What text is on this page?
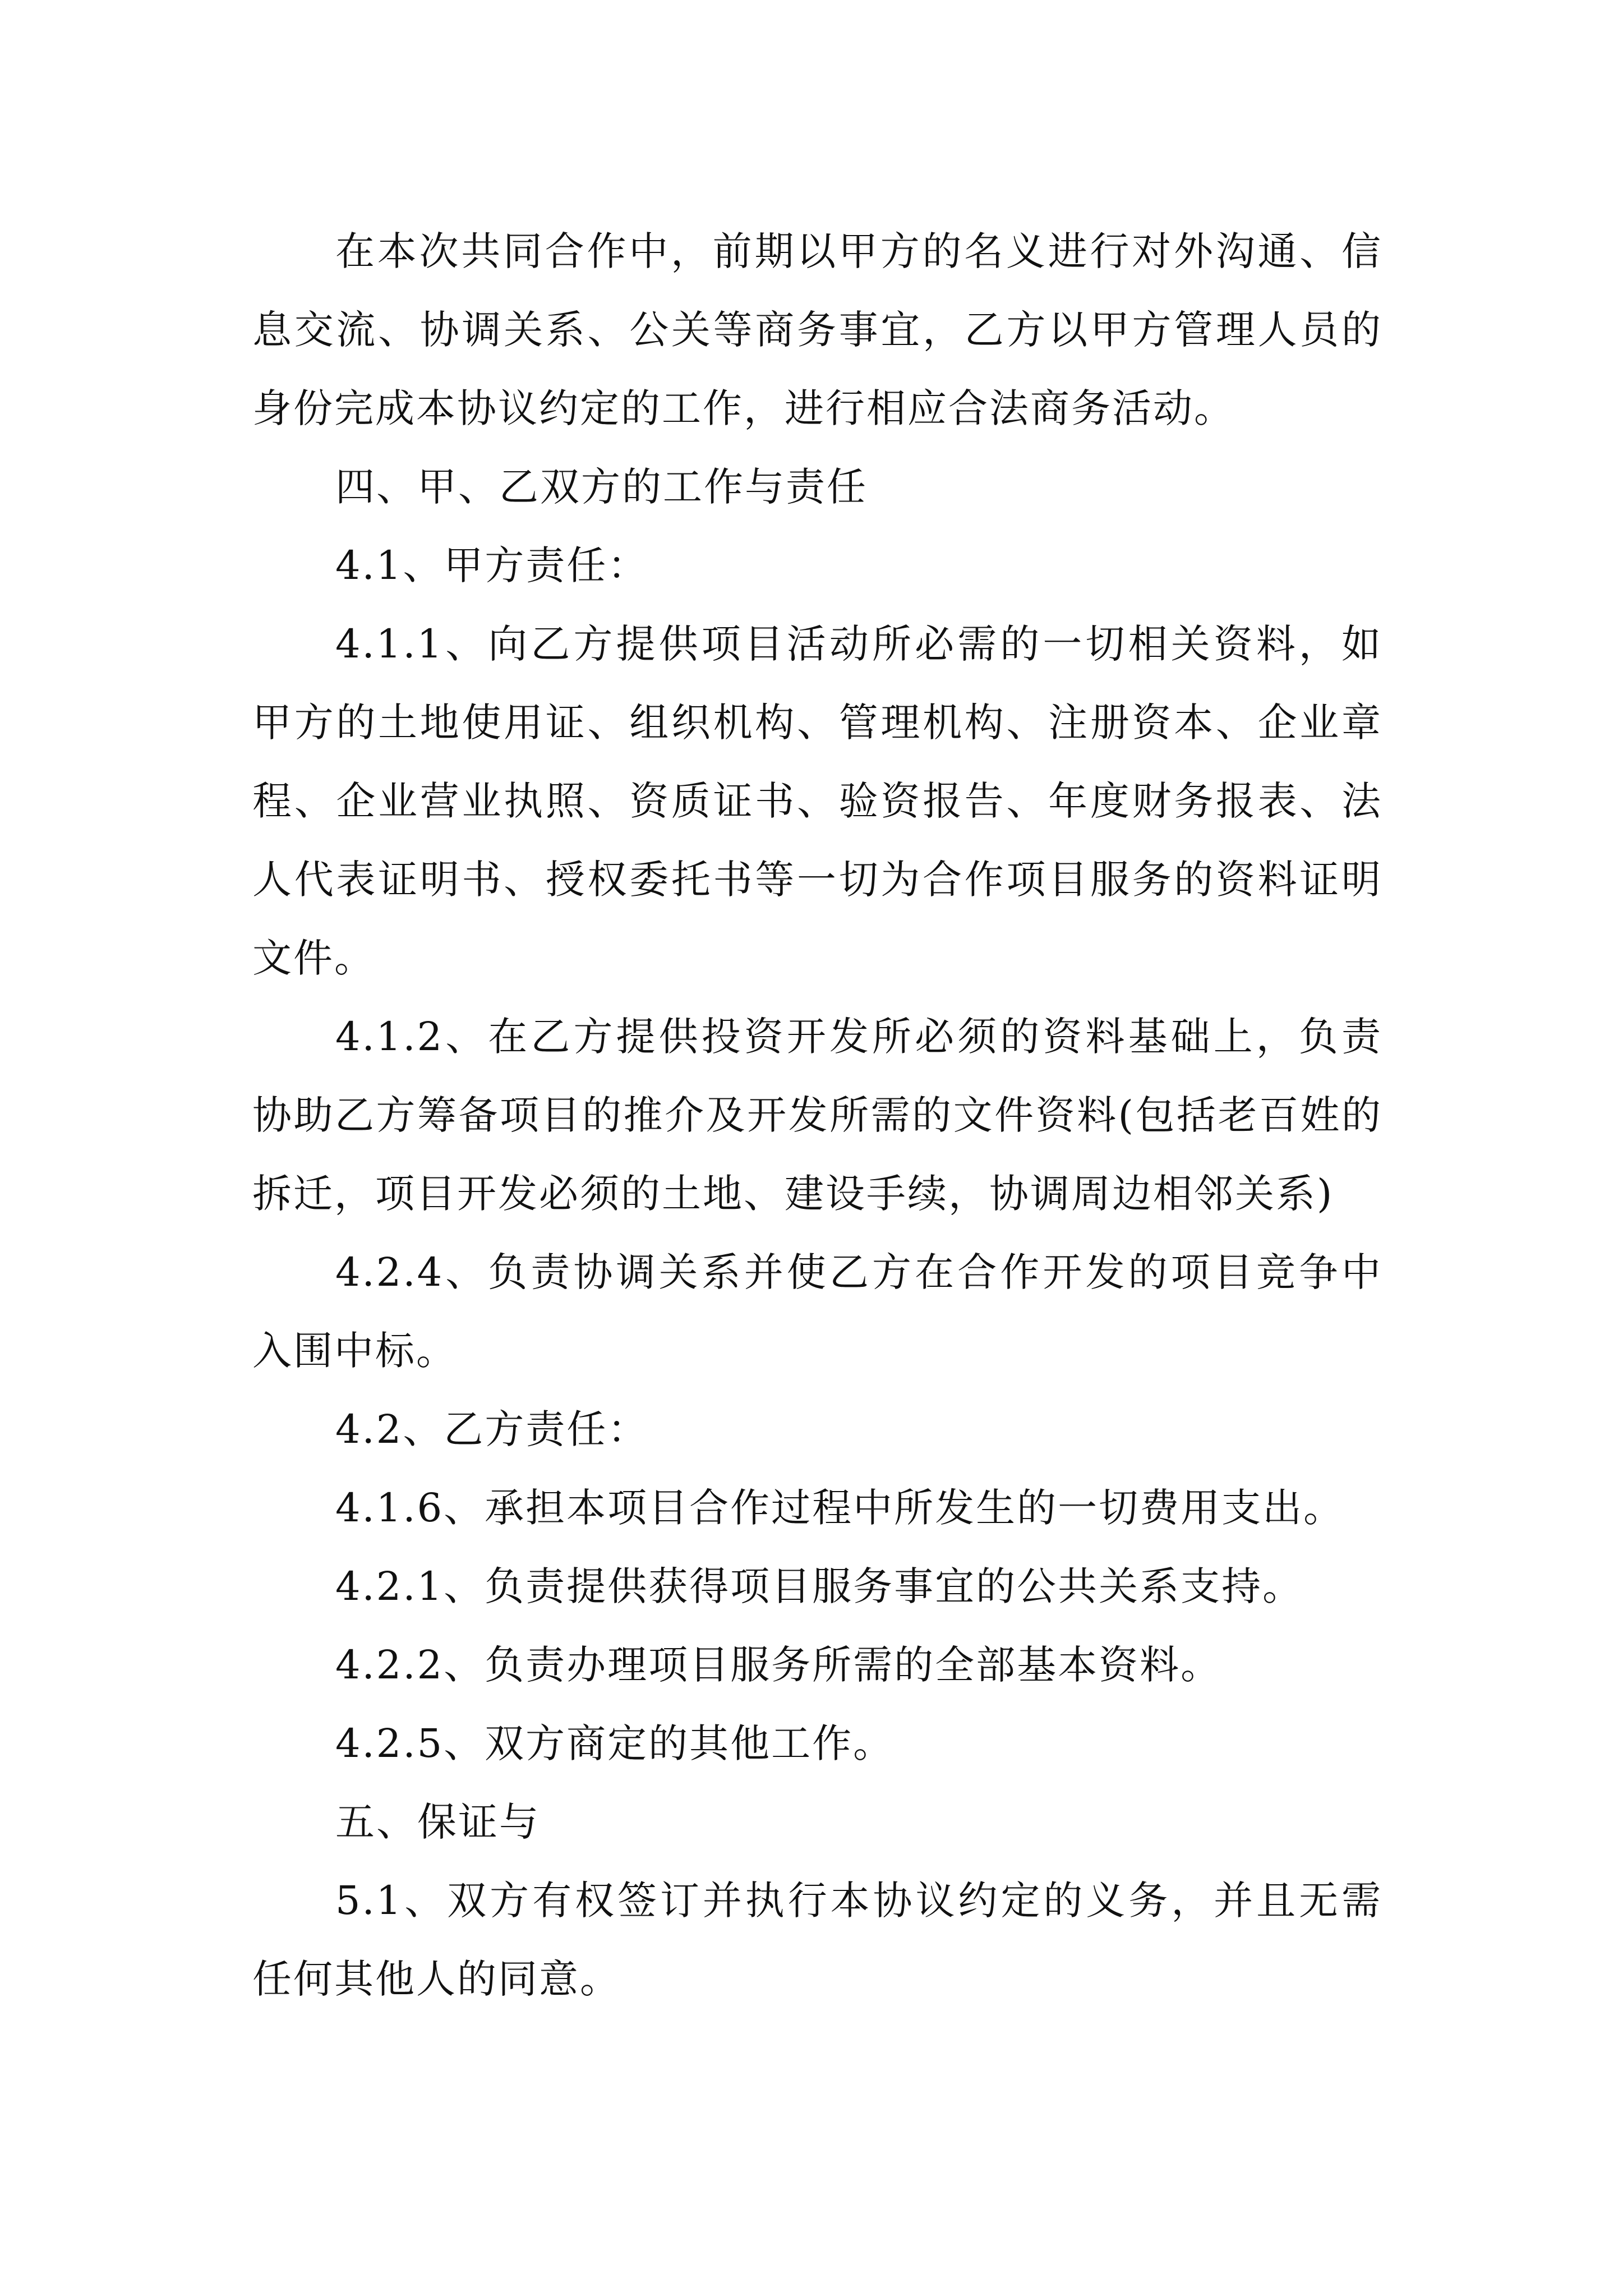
在本次共同合作中，前期以甲方的名义进行对外沟通、信息交流、协调关系、公关等商务事宜，乙方以甲方管理人员的身份完成本协议约定的工作，进行相应合法商务活动。

四、甲、乙双方的工作与责任

4.1、甲方责任：

4.1.1、向乙方提供项目活动所必需的一切相关资料，如甲方的土地使用证、组织机构、管理机构、注册资本、企业章程、企业营业执照、资质证书、验资报告、年度财务报表、法人代表证明书、授权委托书等一切为合作项目服务的资料证明文件。

4.1.2、在乙方提供投资开发所必须的资料基础上，负责协助乙方筹备项目的推介及开发所需的文件资料(包括老百姓的拆迁，项目开发必须的土地、建设手续，协调周边相邻关系)

4.2.4、负责协调关系并使乙方在合作开发的项目竞争中入围中标。

4.2、乙方责任：

4.1.6、承担本项目合作过程中所发生的一切费用支出。

4.2.1、负责提供获得项目服务事宜的公共关系支持。

4.2.2、负责办理项目服务所需的全部基本资料。

4.2.5、双方商定的其他工作。

五、保证与

5.1、双方有权签订并执行本协议约定的义务，并且无需任何其他人的同意。
